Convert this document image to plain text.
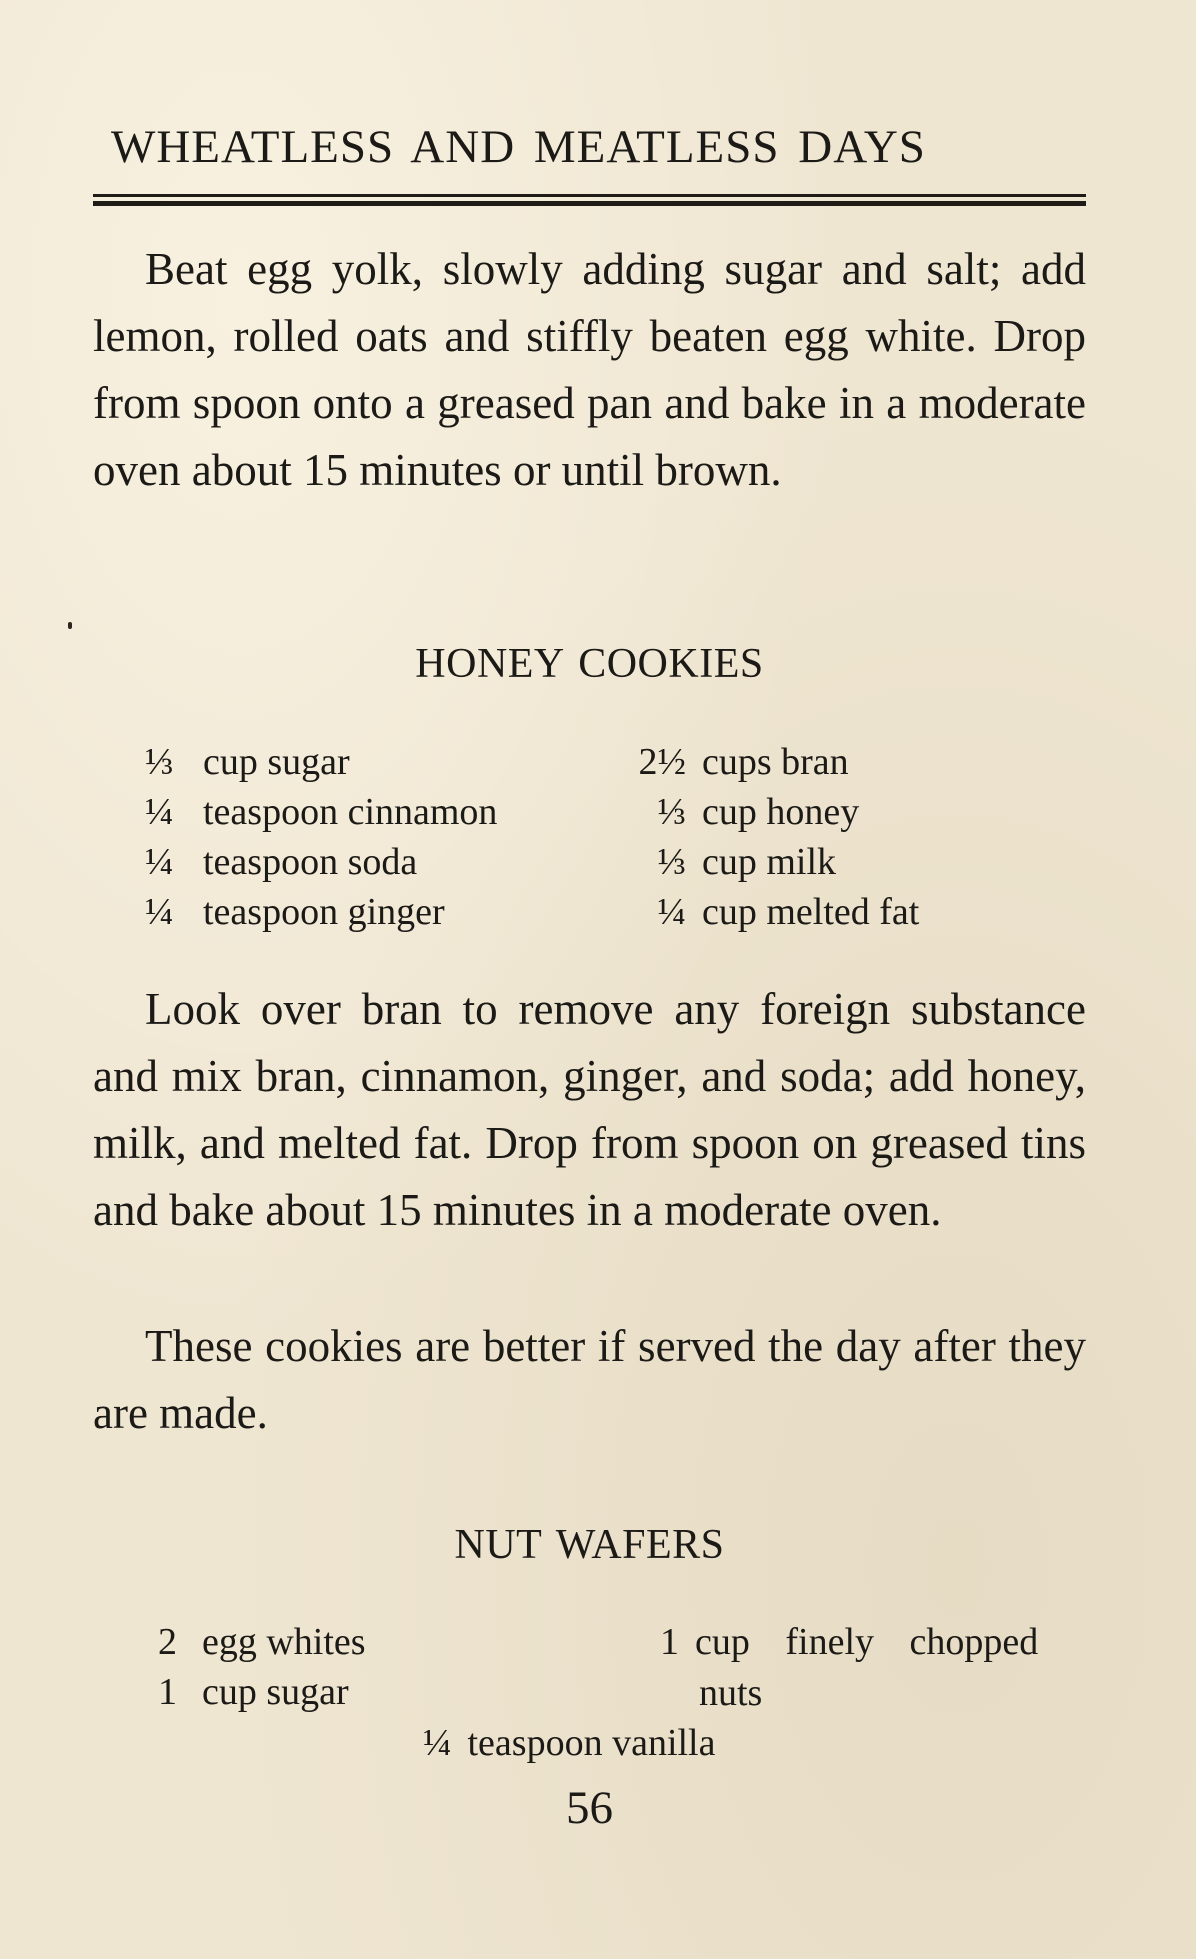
WHEATLESS AND MEATLESS DAYS
Beat egg yolk, slowly adding sugar and salt; add lemon, rolled oats and stiffly beaten egg white. Drop from spoon onto a greased pan and bake in a moderate oven about 15 minutes or until brown.
HONEY COOKIES
⅓ cup sugar
¼ teaspoon cinnamon
¼ teaspoon soda
¼ teaspoon ginger
2½ cups bran
⅓ cup honey
⅓ cup milk
¼ cup melted fat
Look over bran to remove any foreign substance and mix bran, cinnamon, ginger, and soda; add honey, milk, and melted fat. Drop from spoon on greased tins and bake about 15 minutes in a moderate oven.
These cookies are better if served the day after they are made.
NUT WAFERS
2 egg whites
1 cup sugar
1 cup finely chopped
nuts
¼ teaspoon vanilla
56
